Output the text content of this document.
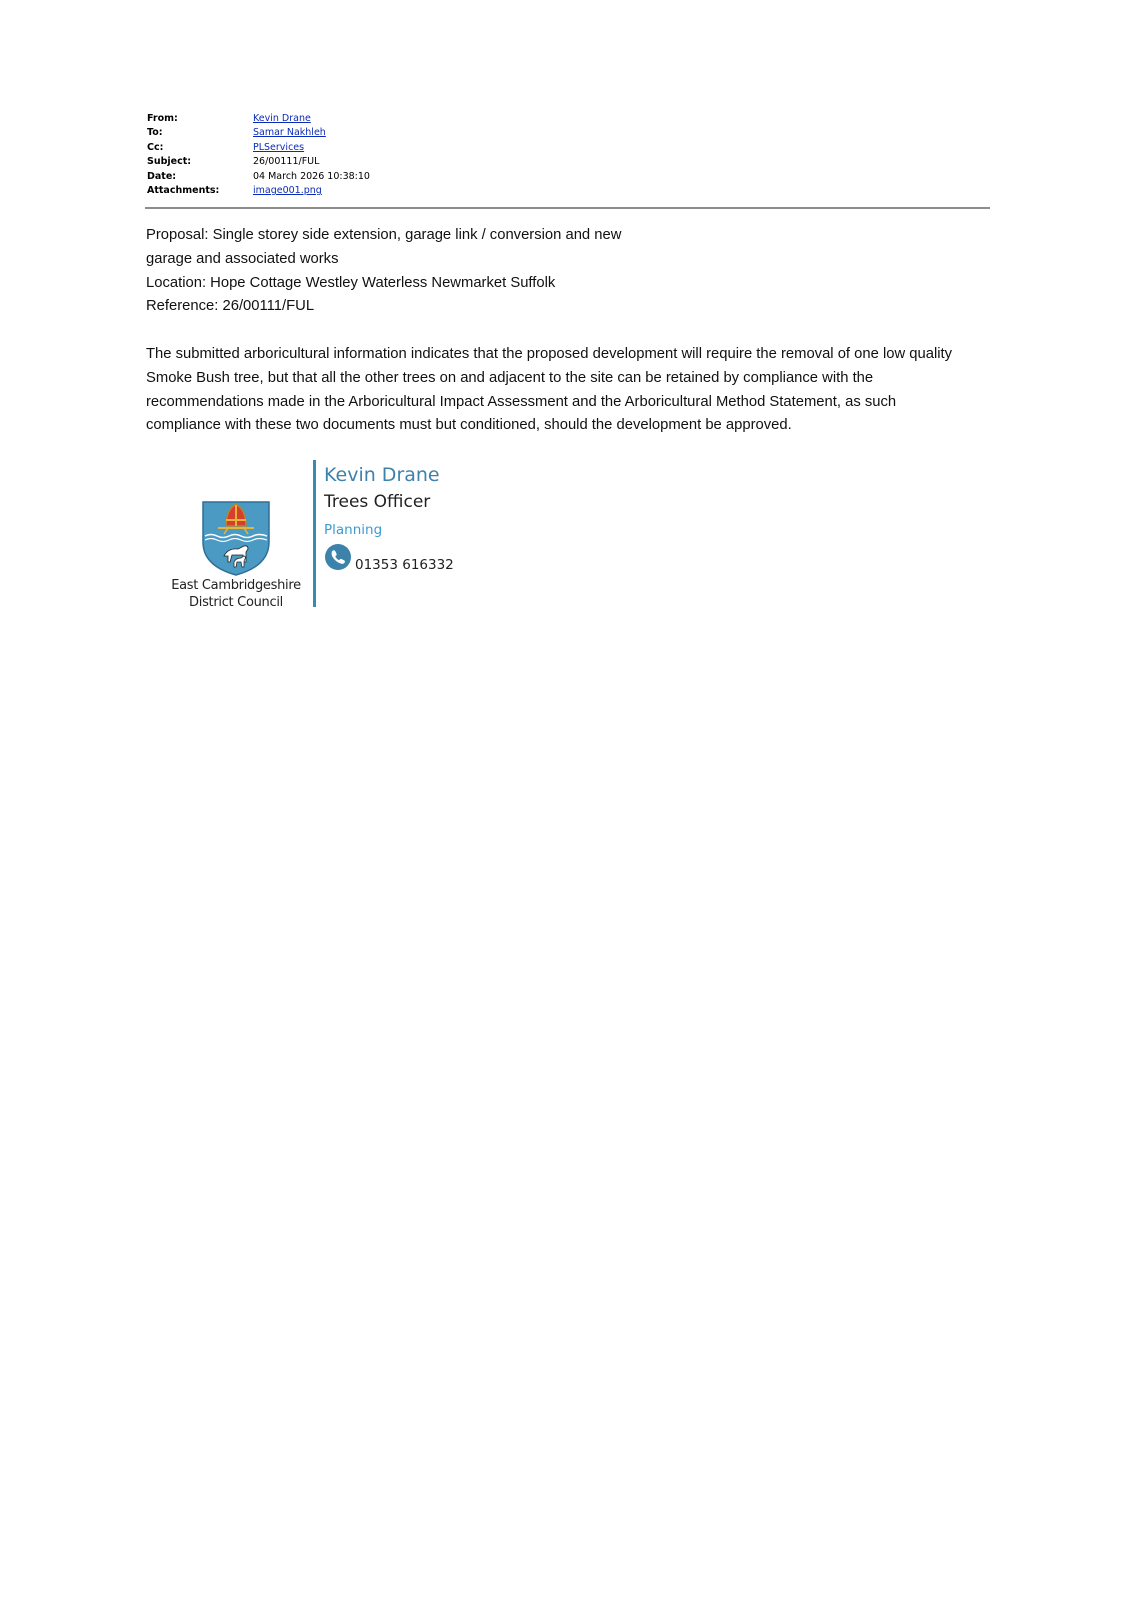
From:	Kevin Drane
To:	Samar Nakhleh
Cc:	PLServices
Subject:	26/00111/FUL
Date:	04 March 2026 10:38:10
Attachments:	image001.png
Proposal: Single storey side extension, garage link / conversion and new
garage and associated works
Location: Hope Cottage Westley Waterless Newmarket Suffolk
Reference: 26/00111/FUL
The submitted arboricultural information indicates that the proposed development will require the removal of one low quality
Smoke Bush tree, but that all the other trees on and adjacent to the site can be retained by compliance with the
recommendations made in the Arboricultural Impact Assessment and the Arboricultural Method Statement, as such
compliance with these two documents must but conditioned, should the development be approved.
East Cambridgeshire
District Council
Kevin Drane
Trees Officer
Planning
01353 616332
